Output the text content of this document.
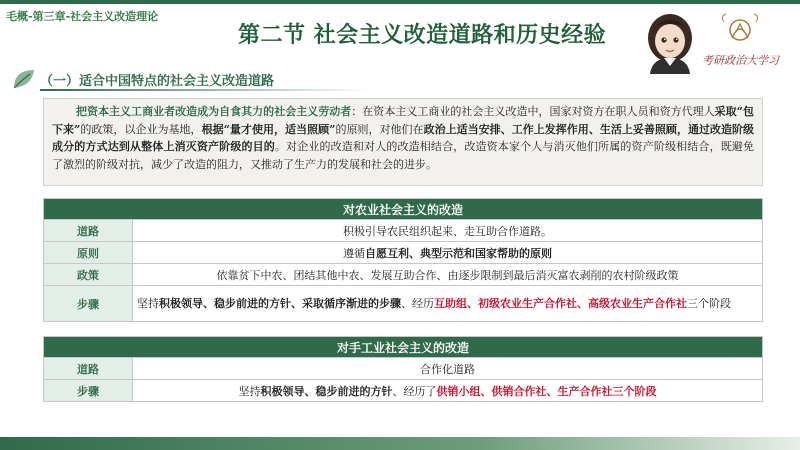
毛概-第三章-社会主义改造理论
第二节 社会主义改造道路和历史经验
考研政治大学习
（一）适合中国特点的社会主义改造道路
把资本主义工商业者改造成为自食其力的社会主义劳动者：在资本主义工商业的社会主义改造中，国家对资方在职人员和资方代理人采取“包下来”的政策，以企业为基地，根据“量才使用，适当照顾”的原则，对他们在政治上适当安排、工作上发挥作用、生活上妥善照顾，通过改造阶级成分的方式达到从整体上消灭资产阶级的目的。对企业的改造和对人的改造相结合，改造资本家个人与消灭他们所属的资产阶级相结合，既避免了激烈的阶级对抗，减少了改造的阻力，又推动了生产力的发展和社会的进步。
对农业社会主义的改造	
道路	积极引导农民组织起来、走互助合作道路。
原则	遵循自愿互利、典型示范和国家帮助的原则
政策	依靠贫下中农、团结其他中农、发展互助合作、由逐步限制到最后消灭富农剥削的农村阶级政策
步骤	坚持积极领导、稳步前进的方针、采取循序渐进的步骤、经历互助组、初级农业生产合作社、高级农业生产合作社三个阶段
对手工业社会主义的改造	
道路	合作化道路
步骤	坚持积极领导、稳步前进的方针、经历了供销小组、供销合作社、生产合作社三个阶段
